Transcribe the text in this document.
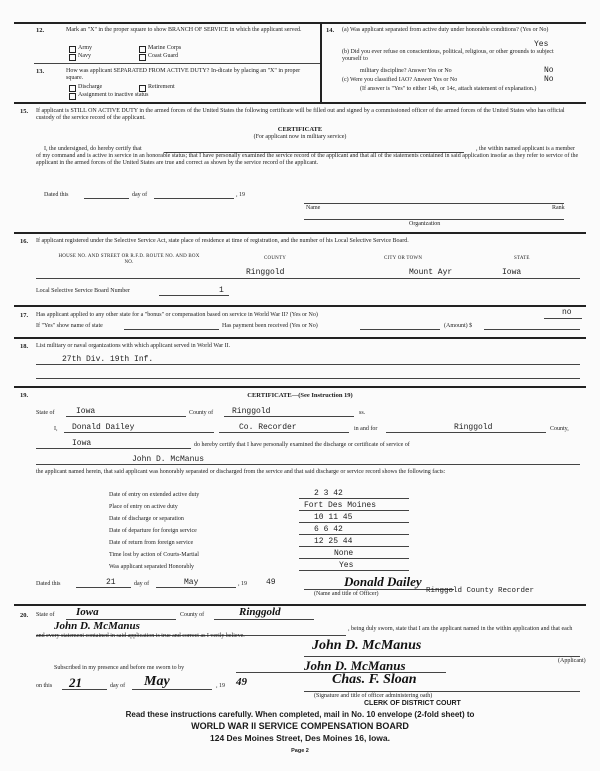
12.	Mark an "X" in the proper square to show BRANCH OF SERVICE in which the applicant served.
Army	Marine Corps
Navy	Coast Guard
13.	How was applicant SEPARATED FROM ACTIVE DUTY? In-dicate by placing an "X" in proper square.
Discharge	Retirement
Assignment to inactive status
14. (a) Was applicant separated from active duty under honorable conditions? (Yes or No)
Yes
(b) Did you ever refuse on conscientious, political, religious, or other grounds to subject yourself to
military discipline? Answer Yes or No	No
(c) Were you classified IAO? Answer Yes or No	No
(If answer is "Yes" to either 14b, or 14c, attach statement of explanation.)
15. If applicant is STILL ON ACTIVE DUTY in the armed forces of the United States the following certificate will be filled out and signed by a commissioned officer of the armed forces of the United States who has official custody of the service record of the applicant.
CERTIFICATE
(For applicant now in military service)
I, the undersigned, do hereby certify that	, the within named applicant is a member of my command and is active in service in an honorable status; that I have personally examined the service record of the applicant and that all of the statements contained in said application insofar as they refer to service of the applicant in the armed forces of the United States are true and correct as shown by the service record of the applicant.
Dated this	day of	, 19
Name	Rank
Organization
16. If applicant registered under the Selective Service Act, state place of residence at time of registration, and the number of his Local Selective Service Board.
HOUSE NO. AND STREET OR R.F.D. ROUTE NO. AND BOX NO.
COUNTY	CITY OR TOWN	STATE
Ringgold	Mount Ayr	Iowa
Local Selective Service Board Number	1
17. Has applicant applied to any other state for a "bonus" or compensation based on service in World War II? (Yes or No)	no
If "Yes" show name of state	Has payment been received (Yes or No)	(Amount) $
18. List military or naval organizations with which applicant served in World War II.
27th Div. 19th Inf.
19.	CERTIFICATE—(See Instruction 19)
State of	Iowa	County of Ringgold	ss.
I, Donald Dailey	Co. Recorder	in and for	Ringgold	County,
Iowa	do hereby certify that I have personally examined the discharge or certificate of service of
John D. McManus
the applicant named herein, that said applicant was honorably separated or discharged from the service and that said discharge or service record shows the following facts:
Date of entry on extended active duty	2 3 42
Place of entry on active duty	Fort Des Moines
Date of discharge or separation	10 11 45
Date of departure for foreign service	6 6 42
Date of return from foreign service	12 25 44
Time lost by action of Courts-Martial	None
Was applicant separated Honorably	Yes
Dated this	21	day of	May	, 19 49	Donald Dailey
(Name and title of Officer)	Ringgold County Recorder
20. State of Iowa	County of	Ringgold
John D. McManus	, being duly sworn, state that I am the applicant named in the within application and that each and every statement contained in said application is true and correct as I verily believe.
John D. McManus
(Applicant)
Subscribed in my presence and before me sworn to by	John D. McManus
on this 21	day of May	, 19 49	Chas. F. Sloan
(Signature and title of officer administering oath)
CLERK OF DISTRICT COURT
Read these instructions carefully. When completed, mail in No. 10 envelope (2-fold sheet) to
WORLD WAR II SERVICE COMPENSATION BOARD
124 Des Moines Street, Des Moines 16, Iowa.
Page 2
